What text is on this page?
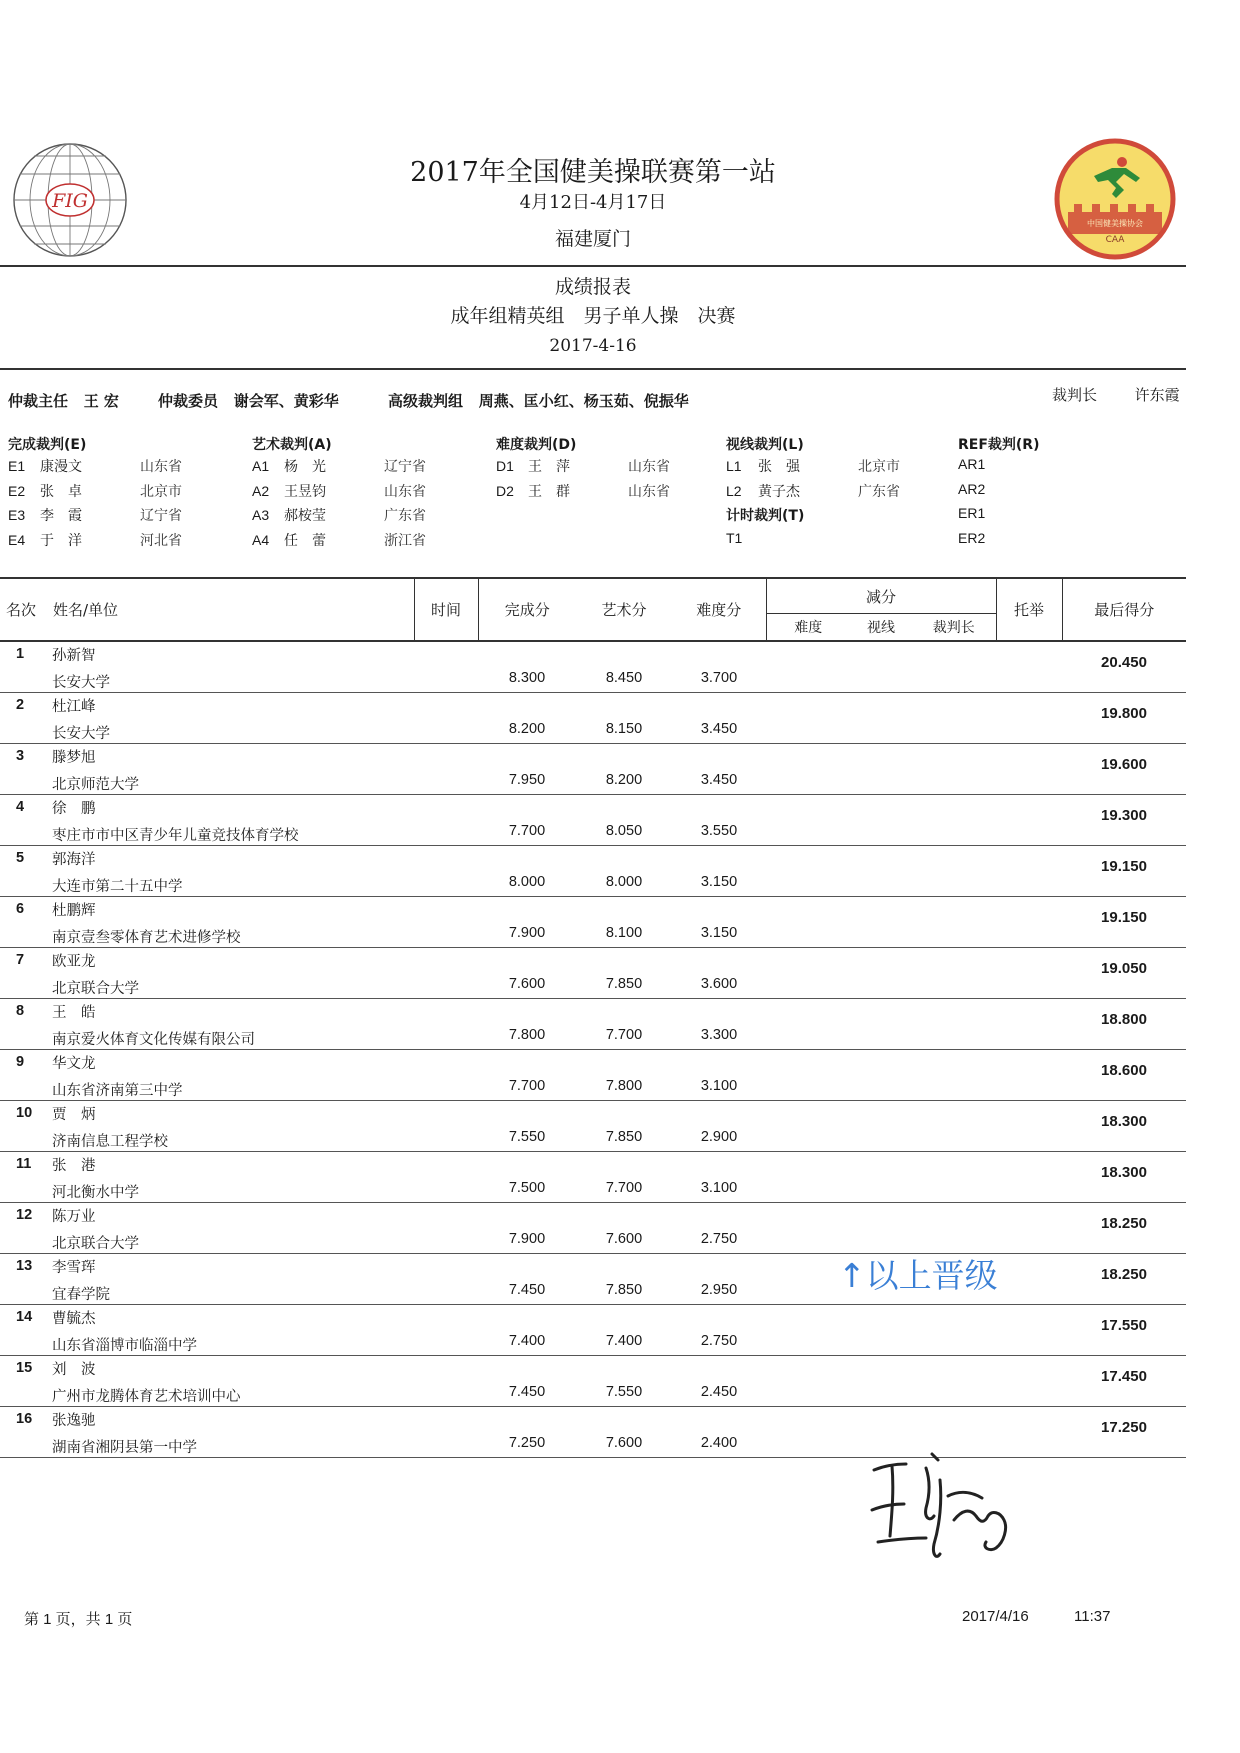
FIG
中国健美操协会
CAA
2017年全国健美操联赛第一站
4月12日-4月17日
福建厦门
成绩报表
成年组精英组　男子单人操　决赛
2017-4-16
仲裁主任 王 宏	仲裁委员 谢会军、黄彩华	高级裁判组 周燕、匡小红、杨玉茹、倪振华	裁判长	许东霞
完成裁判(E)
E1 康漫文	山东省
E2 张　卓	北京市
E3 李　霞	辽宁省
E4 于　洋	河北省
艺术裁判(A)
A1 杨　光	辽宁省
A2 王昱钧	山东省
A3 郝桉莹	广东省
A4 任　蕾	浙江省
难度裁判(D)
D1 王　萍	山东省
D2 王　群	山东省
视线裁判(L)
L1 张　强	北京市
L2 黄子杰	广东省
计时裁判(T)
T1
REF裁判(R)
AR1
AR2
ER1
ER2
名次	姓名/单位	时间	完成分	艺术分	难度分	减分			托举	最后得分
						难度	视线	裁判长		
1	孙新智
长安大学		8.300	8.450	3.700					20.450
2	杜江峰
长安大学		8.200	8.150	3.450					19.800
3	滕梦旭
北京师范大学		7.950	8.200	3.450					19.600
4	徐　鹏
枣庄市市中区青少年儿童竞技体育学校		7.700	8.050	3.550					19.300
5	郭海洋
大连市第二十五中学		8.000	8.000	3.150					19.150
6	杜鹏辉
南京壹叁零体育艺术进修学校		7.900	8.100	3.150					19.150
7	欧亚龙
北京联合大学		7.600	7.850	3.600					19.050
8	王　皓
南京爱火体育文化传媒有限公司		7.800	7.700	3.300					18.800
9	华文龙
山东省济南第三中学		7.700	7.800	3.100					18.600
10	贾　炳
济南信息工程学校		7.550	7.850	2.900					18.300
11	张　港
河北衡水中学		7.500	7.700	3.100					18.300
12	陈万业
北京联合大学		7.900	7.600	2.750					18.250
13	李雪珲
宜春学院		7.450	7.850	2.950					18.250
14	曹毓杰
山东省淄博市临淄中学		7.400	7.400	2.750					17.550
15	刘　波
广州市龙腾体育艺术培训中心		7.450	7.550	2.450					17.450
16	张逸驰
湖南省湘阴县第一中学		7.250	7.600	2.400					17.250
↑以上晋级
第 1 页，共 1 页	2017/4/16	11:37
